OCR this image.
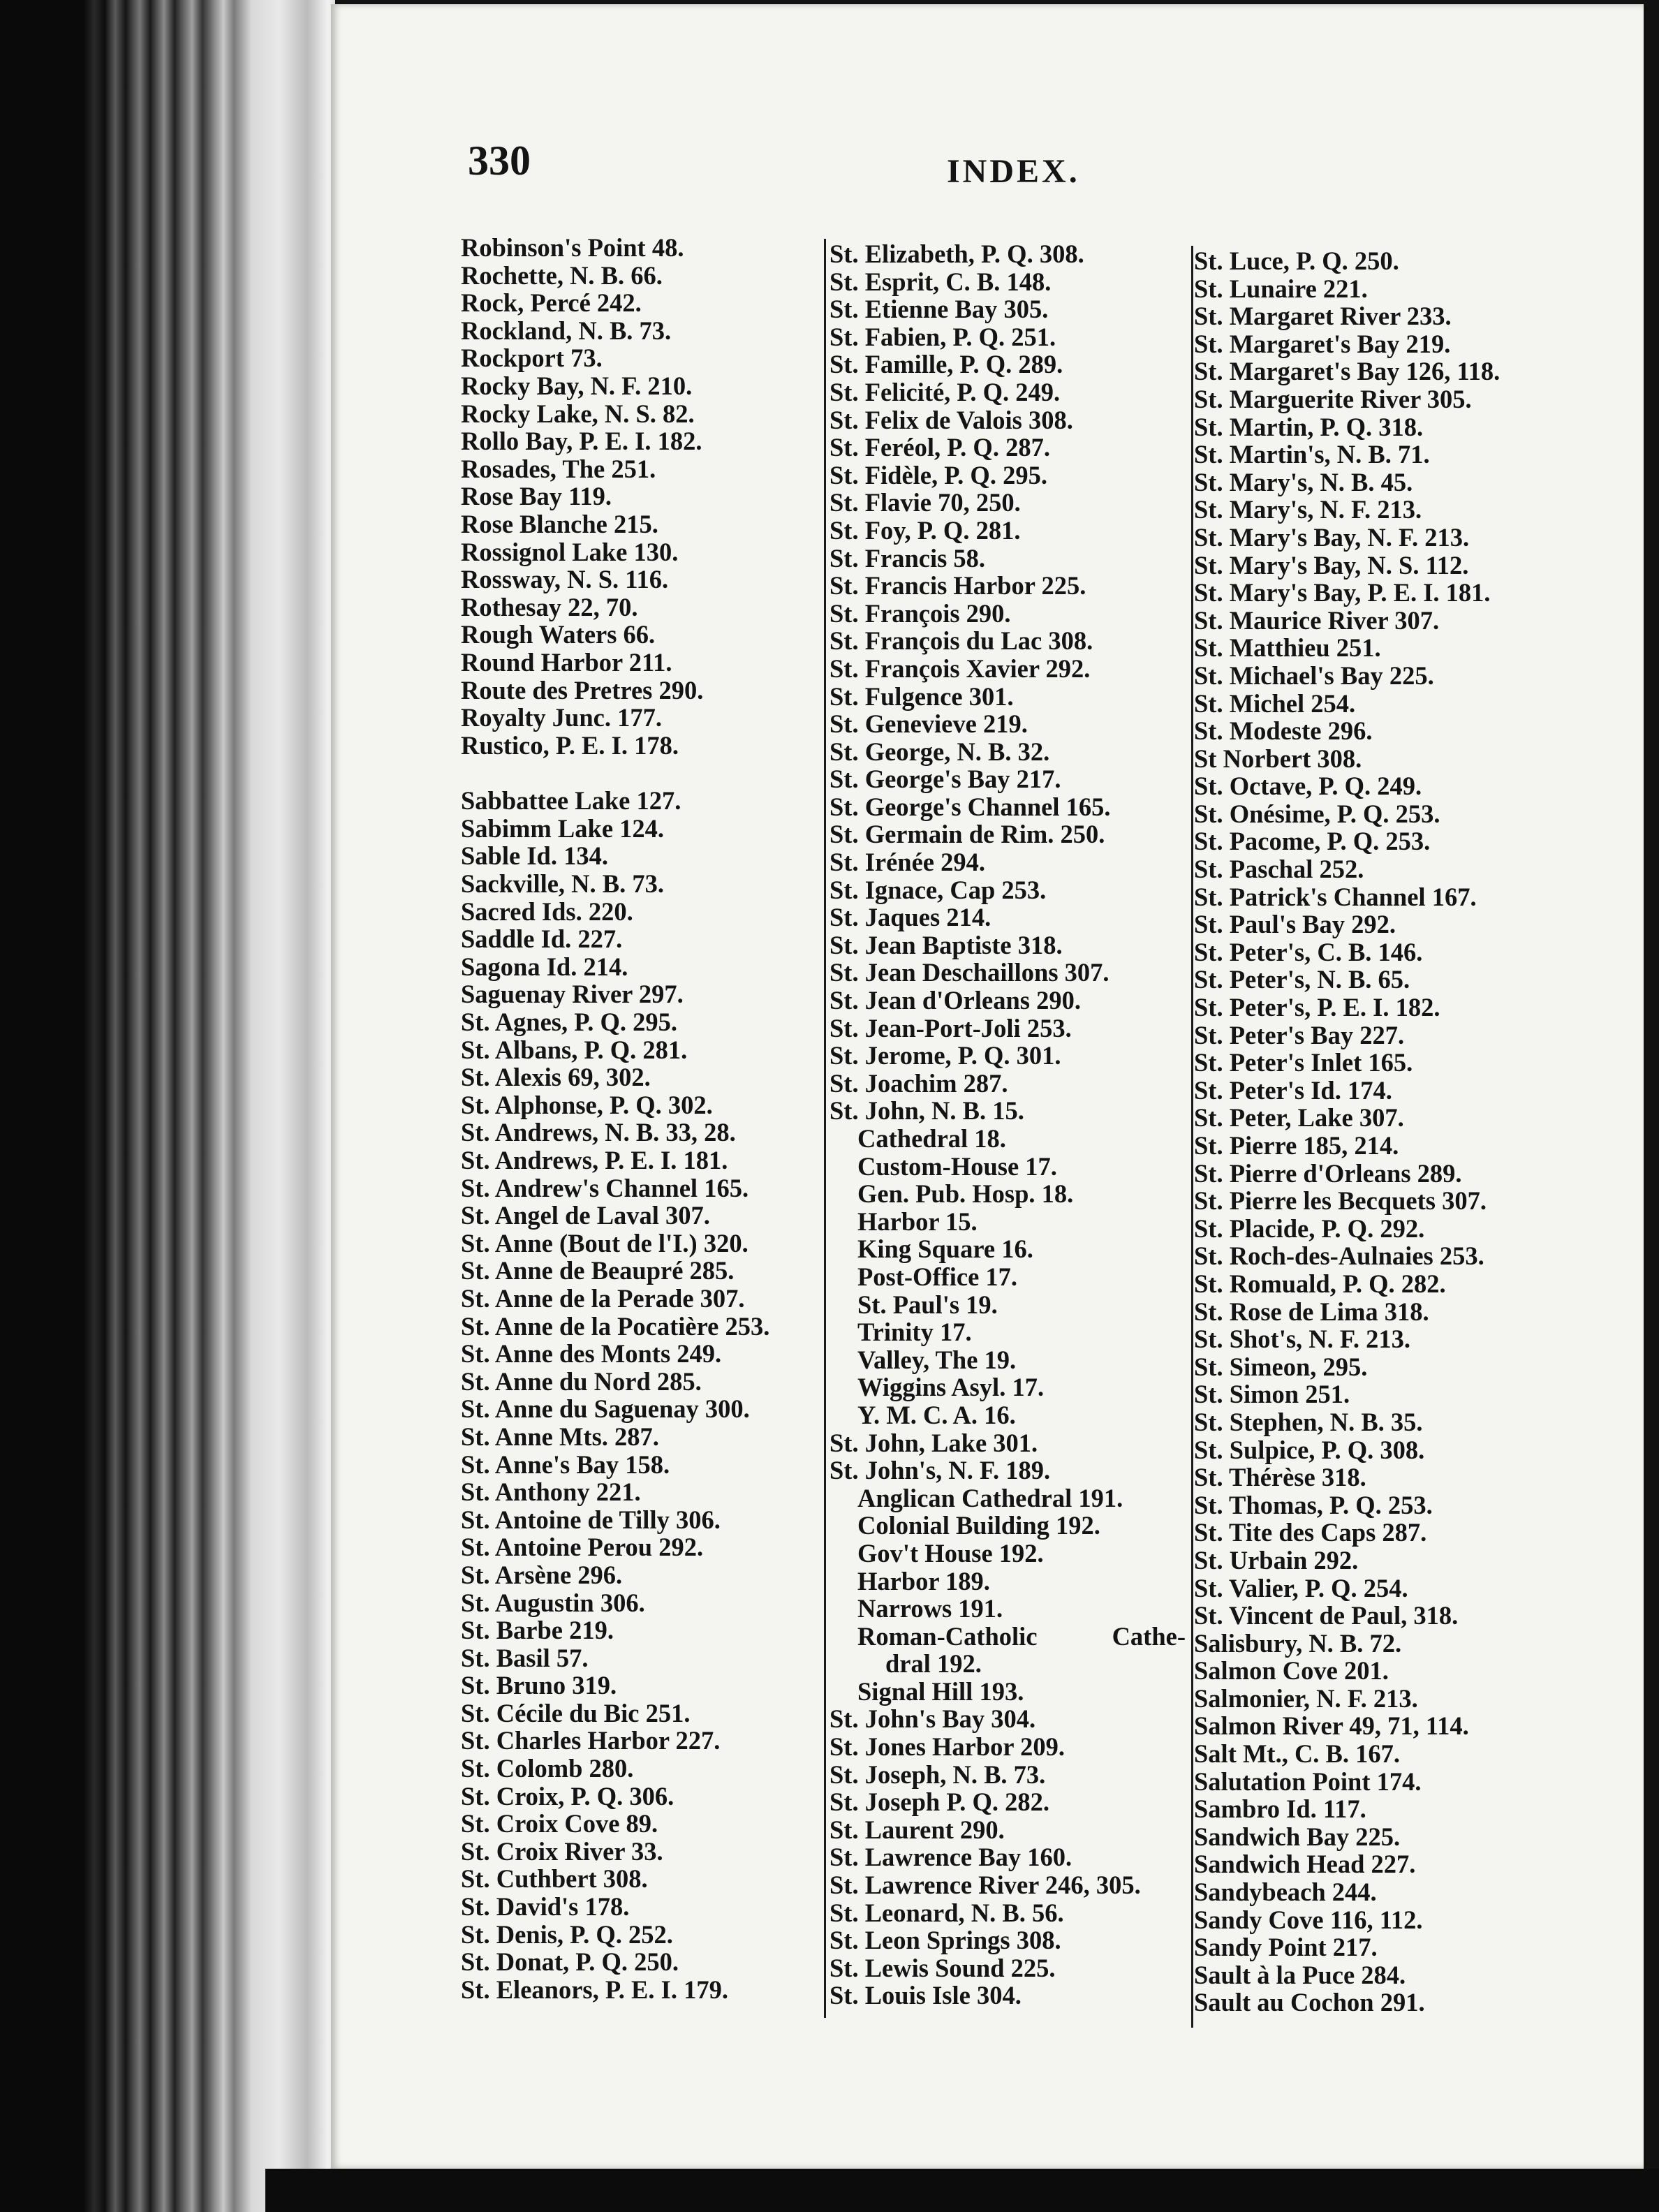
330	INDEX.
Robinson's Point 48.
Rochette, N. B. 66.
Rock, Percé 242.
Rockland, N. B. 73.
Rockport 73.
Rocky Bay, N. F. 210.
Rocky Lake, N. S. 82.
Rollo Bay, P. E. I. 182.
Rosades, The 251.
Rose Bay 119.
Rose Blanche 215.
Rossignol Lake 130.
Rossway, N. S. 116.
Rothesay 22, 70.
Rough Waters 66.
Round Harbor 211.
Route des Pretres 290.
Royalty Junc. 177.
Rustico, P. E. I. 178.
Sabbattee Lake 127.
Sabimm Lake 124.
Sable Id. 134.
Sackville, N. B. 73.
Sacred Ids. 220.
Saddle Id. 227.
Sagona Id. 214.
Saguenay River 297.
St. Agnes, P. Q. 295.
St. Albans, P. Q. 281.
St. Alexis 69, 302.
St. Alphonse, P. Q. 302.
St. Andrews, N. B. 33, 28.
St. Andrews, P. E. I. 181.
St. Andrew's Channel 165.
St. Angel de Laval 307.
St. Anne (Bout de l'I.) 320.
St. Anne de Beaupré 285.
St. Anne de la Perade 307.
St. Anne de la Pocatière 253.
St. Anne des Monts 249.
St. Anne du Nord 285.
St. Anne du Saguenay 300.
St. Anne Mts. 287.
St. Anne's Bay 158.
St. Anthony 221.
St. Antoine de Tilly 306.
St. Antoine Perou 292.
St. Arsène 296.
St. Augustin 306.
St. Barbe 219.
St. Basil 57.
St. Bruno 319.
St. Cécile du Bic 251.
St. Charles Harbor 227.
St. Colomb 280.
St. Croix, P. Q. 306.
St. Croix Cove 89.
St. Croix River 33.
St. Cuthbert 308.
St. David's 178.
St. Denis, P. Q. 252.
St. Donat, P. Q. 250.
St. Eleanors, P. E. I. 179.
St. Elizabeth, P. Q. 308.
St. Esprit, C. B. 148.
St. Etienne Bay 305.
St. Fabien, P. Q. 251.
St. Famille, P. Q. 289.
St. Felicité, P. Q. 249.
St. Felix de Valois 308.
St. Feréol, P. Q. 287.
St. Fidèle, P. Q. 295.
St. Flavie 70, 250.
St. Foy, P. Q. 281.
St. Francis 58.
St. Francis Harbor 225.
St. François 290.
St. François du Lac 308.
St. François Xavier 292.
St. Fulgence 301.
St. Genevieve 219.
St. George, N. B. 32.
St. George's Bay 217.
St. George's Channel 165.
St. Germain de Rim. 250.
St. Irénée 294.
St. Ignace, Cap 253.
St. Jaques 214.
St. Jean Baptiste 318.
St. Jean Deschaillons 307.
St. Jean d'Orleans 290.
St. Jean-Port-Joli 253.
St. Jerome, P. Q. 301.
St. Joachim 287.
St. John, N. B. 15.
Cathedral 18.
Custom-House 17.
Gen. Pub. Hosp. 18.
Harbor 15.
King Square 16.
Post-Office 17.
St. Paul's 19.
Trinity 17.
Valley, The 19.
Wiggins Asyl. 17.
Y. M. C. A. 16.
St. John, Lake 301.
St. John's, N. F. 189.
Anglican Cathedral 191.
Colonial Building 192.
Gov't House 192.
Harbor 189.
Narrows 191.
Roman-Catholic	Cathe-
dral 192.
Signal Hill 193.
St. John's Bay 304.
St. Jones Harbor 209.
St. Joseph, N. B. 73.
St. Joseph P. Q. 282.
St. Laurent 290.
St. Lawrence Bay 160.
St. Lawrence River 246, 305.
St. Leonard, N. B. 56.
St. Leon Springs 308.
St. Lewis Sound 225.
St. Louis Isle 304.
St. Luce, P. Q. 250.
St. Lunaire 221.
St. Margaret River 233.
St. Margaret's Bay 219.
St. Margaret's Bay 126, 118.
St. Marguerite River 305.
St. Martin, P. Q. 318.
St. Martin's, N. B. 71.
St. Mary's, N. B. 45.
St. Mary's, N. F. 213.
St. Mary's Bay, N. F. 213.
St. Mary's Bay, N. S. 112.
St. Mary's Bay, P. E. I. 181.
St. Maurice River 307.
St. Matthieu 251.
St. Michael's Bay 225.
St. Michel 254.
St. Modeste 296.
St Norbert 308.
St. Octave, P. Q. 249.
St. Onésime, P. Q. 253.
St. Pacome, P. Q. 253.
St. Paschal 252.
St. Patrick's Channel 167.
St. Paul's Bay 292.
St. Peter's, C. B. 146.
St. Peter's, N. B. 65.
St. Peter's, P. E. I. 182.
St. Peter's Bay 227.
St. Peter's Inlet 165.
St. Peter's Id. 174.
St. Peter, Lake 307.
St. Pierre 185, 214.
St. Pierre d'Orleans 289.
St. Pierre les Becquets 307.
St. Placide, P. Q. 292.
St. Roch-des-Aulnaies 253.
St. Romuald, P. Q. 282.
St. Rose de Lima 318.
St. Shot's, N. F. 213.
St. Simeon, 295.
St. Simon 251.
St. Stephen, N. B. 35.
St. Sulpice, P. Q. 308.
St. Thérèse 318.
St. Thomas, P. Q. 253.
St. Tite des Caps 287.
St. Urbain 292.
St. Valier, P. Q. 254.
St. Vincent de Paul, 318.
Salisbury, N. B. 72.
Salmon Cove 201.
Salmonier, N. F. 213.
Salmon River 49, 71, 114.
Salt Mt., C. B. 167.
Salutation Point 174.
Sambro Id. 117.
Sandwich Bay 225.
Sandwich Head 227.
Sandybeach 244.
Sandy Cove 116, 112.
Sandy Point 217.
Sault à la Puce 284.
Sault au Cochon 291.
